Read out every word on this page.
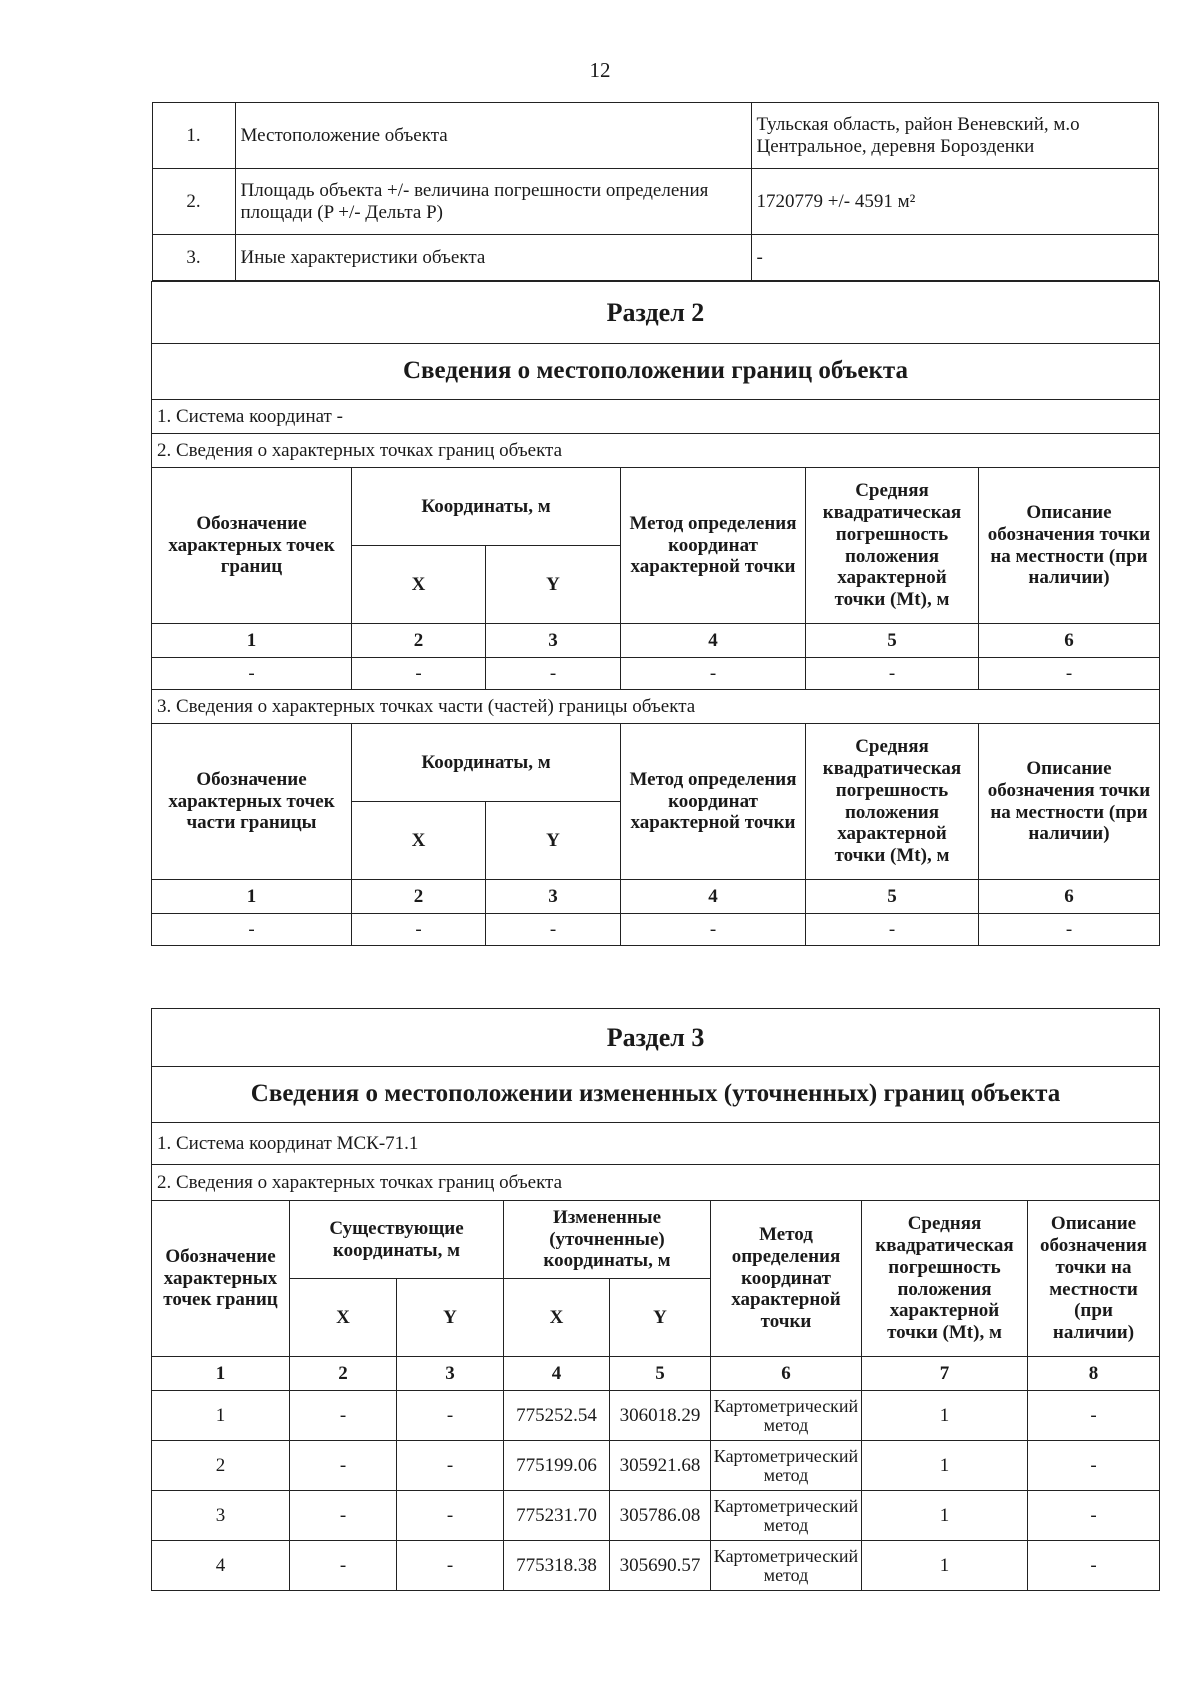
12
1.	Местоположение объекта	Тульская область, район Веневский, м.о Центральное, деревня Борозденки
2.	Площадь объекта +/- величина погрешности определения площади (P +/- Дельта P)	1720779 +/- 4591 м²
3.	Иные характеристики объекта	-

Раздел 2
Сведения о местоположении границ объекта
1. Система координат -
2. Сведения о характерных точках границ объекта
Обозначение характерных точек границ	Координаты, м	Метод определения координат характерной точки	Средняя квадратическая погрешность положения характерной точки (Mt), м	Описание обозначения точки на местности (при наличии)
X	Y
1	2	3	4	5	6
-	-	-	-	-	-
3. Сведения о характерных точках части (частей) границы объекта
Обозначение характерных точек части границы	Координаты, м	Метод определения координат характерной точки	Средняя квадратическая погрешность положения характерной точки (Mt), м	Описание обозначения точки на местности (при наличии)
X	Y
1	2	3	4	5	6
-	-	-	-	-	-
Раздел 3							
Сведения о местоположении измененных (уточненных) границ объекта							
1. Система координат МСК-71.1							
2. Сведения о характерных точках границ объекта							
Обозначение характерных точек границ	Существующие координаты, м		Измененные (уточненные) координаты, м		Метод определения координат характерной точки	Средняя квадратическая погрешность положения характерной точки (Mt), м	Описание обозначения точки на местности (при наличии)
	X	Y	X	Y			
1	2	3	4	5	6	7	8
1	-	-	775252.54	306018.29	Картометрический метод	1	-
2	-	-	775199.06	305921.68	Картометрический метод	1	-
3	-	-	775231.70	305786.08	Картометрический метод	1	-
4	-	-	775318.38	305690.57	Картометрический метод	1	-
